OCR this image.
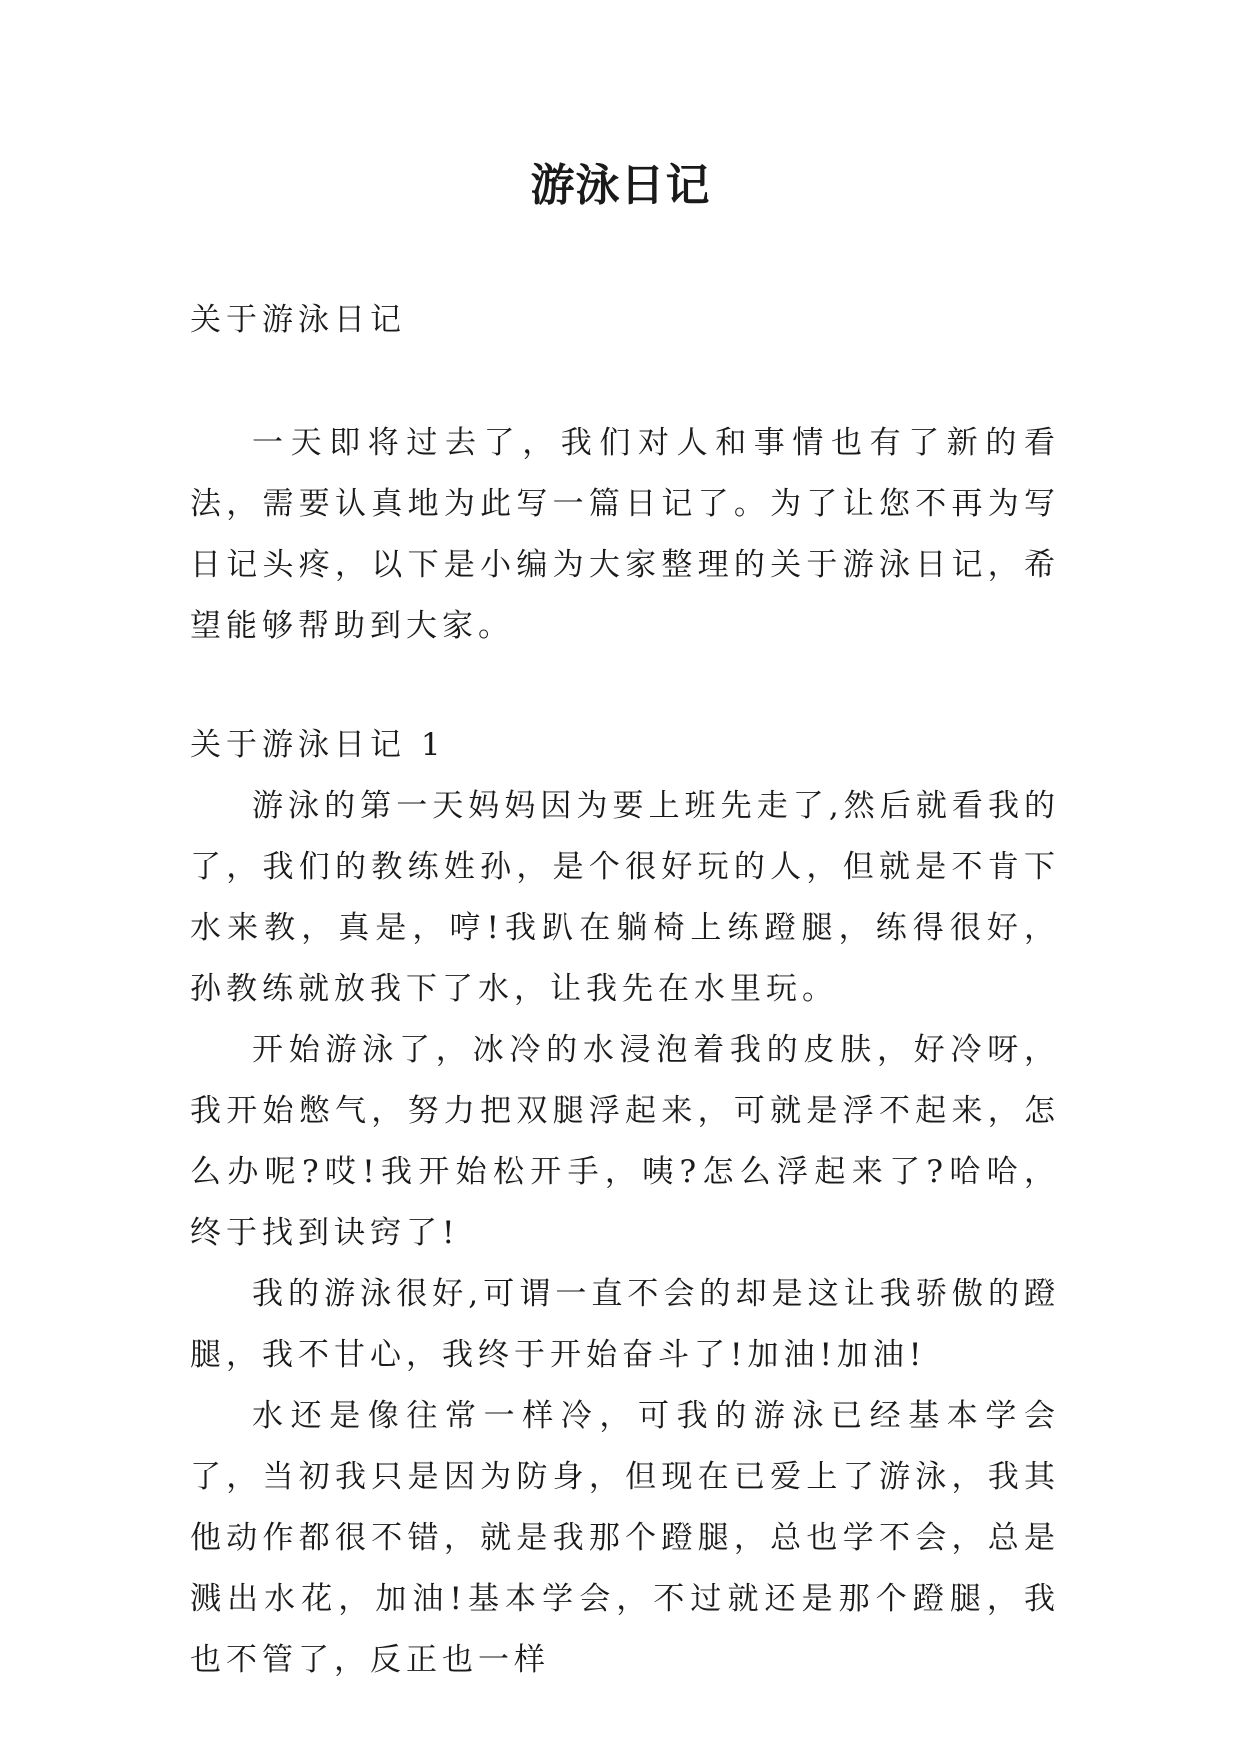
游泳日记

关于游泳日记

一天即将过去了，我们对人和事情也有了新的看法，需要认真地为此写一篇日记了。为了让您不再为写日记头疼，以下是小编为大家整理的关于游泳日记，希望能够帮助到大家。

关于游泳日记 1

游泳的第一天妈妈因为要上班先走了,然后就看我的了，我们的教练姓孙，是个很好玩的人，但就是不肯下水来教，真是，哼!我趴在躺椅上练蹬腿，练得很好，孙教练就放我下了水，让我先在水里玩。

开始游泳了，冰冷的水浸泡着我的皮肤，好冷呀，我开始憋气，努力把双腿浮起来，可就是浮不起来，怎么办呢?哎!我开始松开手，咦?怎么浮起来了?哈哈，终于找到诀窍了!

我的游泳很好,可谓一直不会的却是这让我骄傲的蹬腿，我不甘心，我终于开始奋斗了!加油!加油!

水还是像往常一样冷，可我的游泳已经基本学会了，当初我只是因为防身，但现在已爱上了游泳，我其他动作都很不错，就是我那个蹬腿，总也学不会，总是溅出水花，加油!基本学会，不过就还是那个蹬腿，我也不管了，反正也一样
